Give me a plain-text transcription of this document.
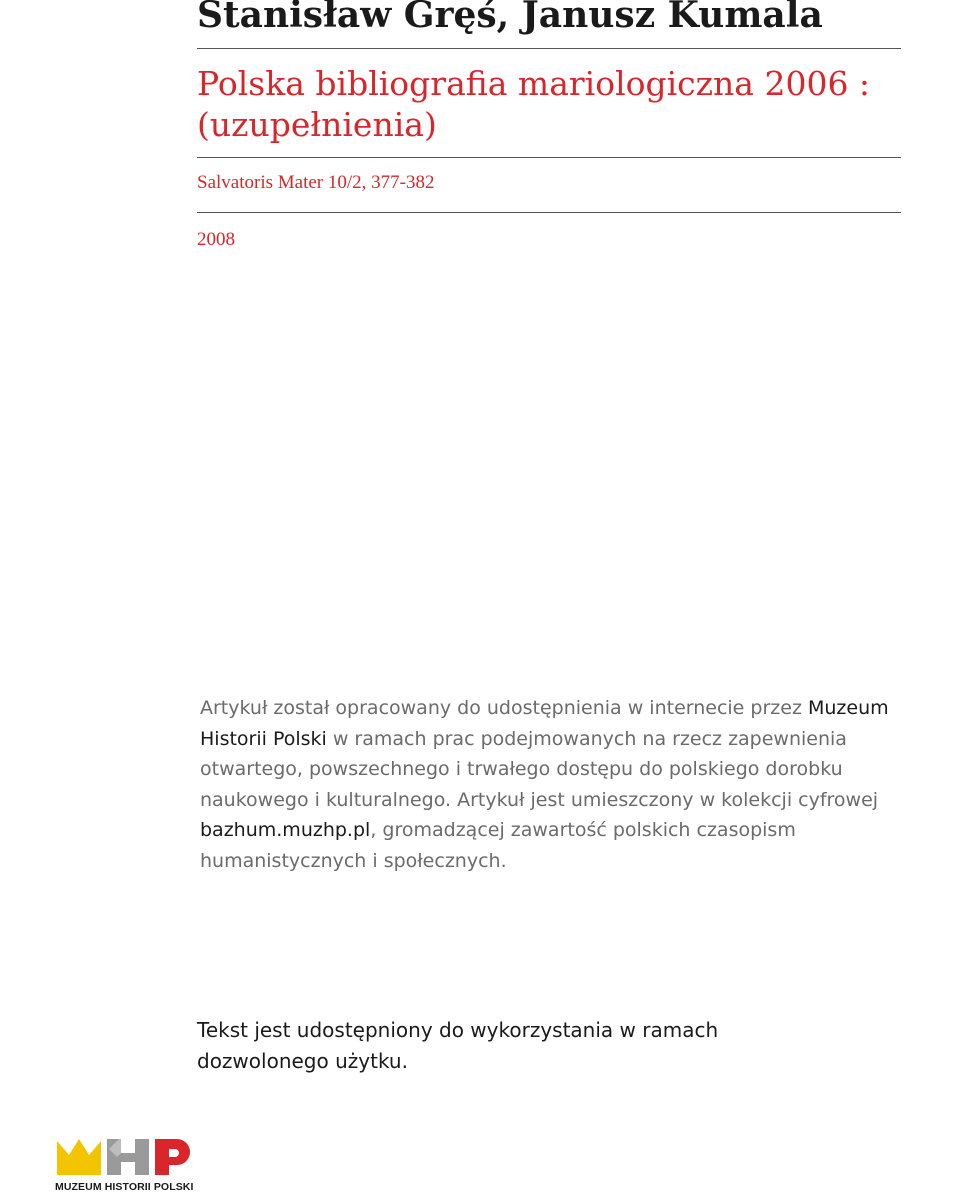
Stanisław Gręś, Janusz Kumala
Polska bibliografia mariologiczna 2006 : (uzupełnienia)

Salvatoris Mater 10/2, 377-382

2008

Artykuł został opracowany do udostępnienia w internecie przez Muzeum Historii Polski w ramach prac podejmowanych na rzecz zapewnienia otwartego, powszechnego i trwałego dostępu do polskiego dorobku naukowego i kulturalnego. Artykuł jest umieszczony w kolekcji cyfrowej bazhum.muzhp.pl, gromadzącej zawartość polskich czasopism humanistycznych i społecznych.

Tekst jest udostępniony do wykorzystania w ramach dozwolonego użytku.

MUZEUM HISTORII POLSKI
